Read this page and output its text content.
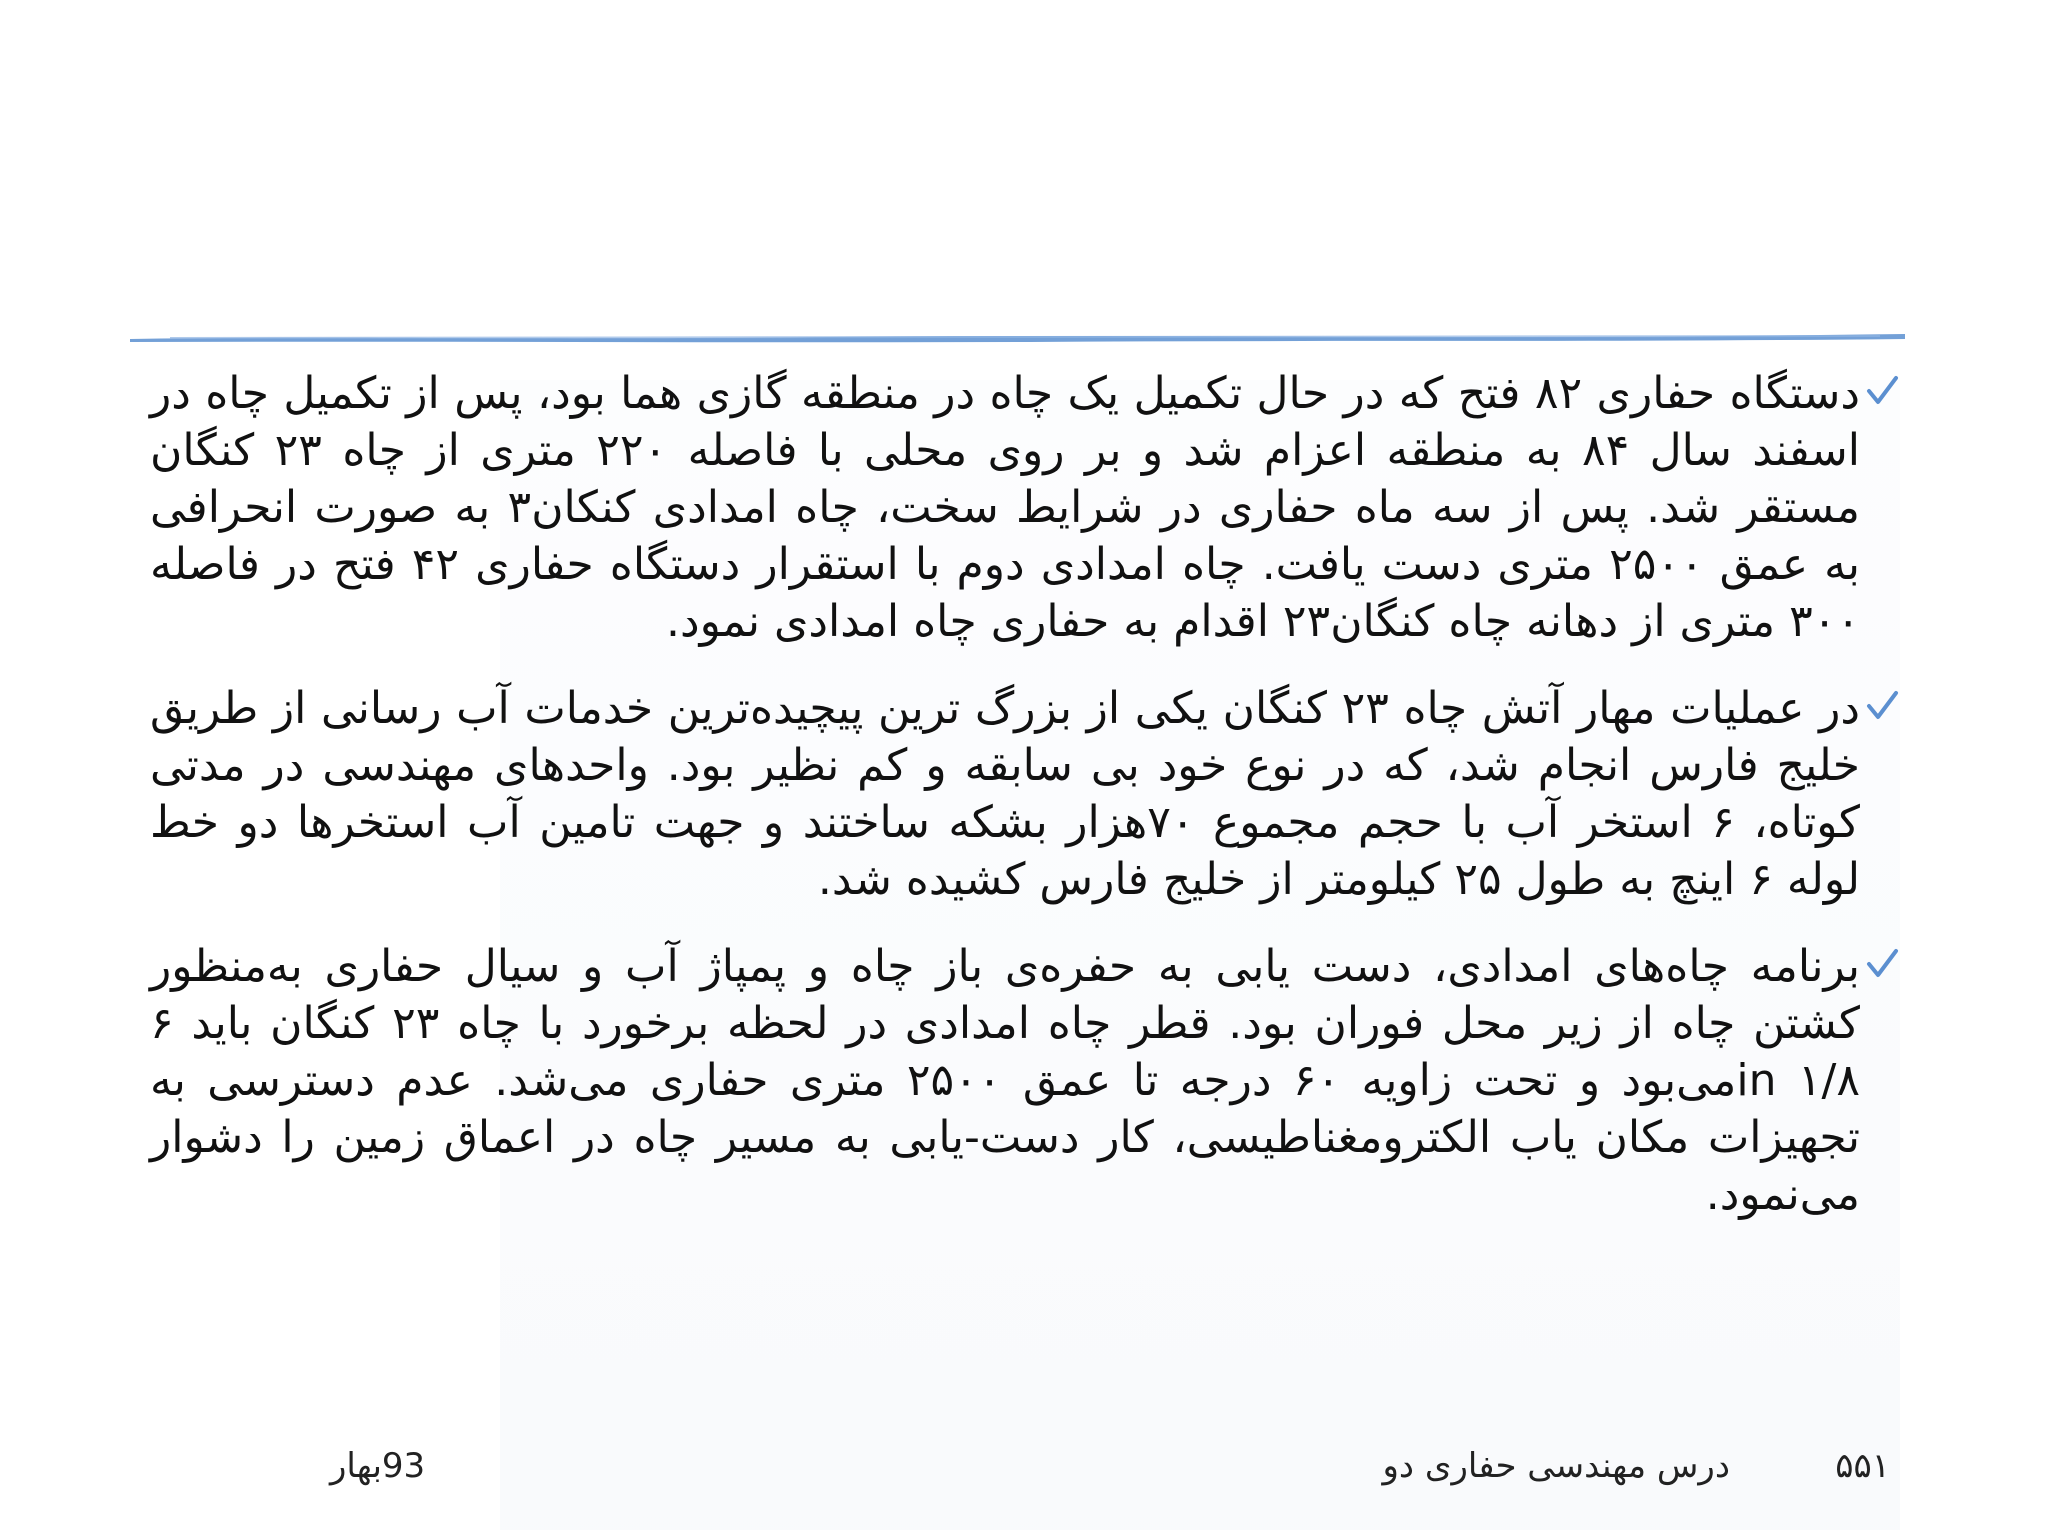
دستگاه حفاری ۸۲ فتح که در حال تکمیل یک چاه در منطقه گازی هما بود، پس از تکمیل چاه در اسفند سال ۸۴ به منطقه اعزام شد و بر روی محلی با فاصله ۲۲۰ متری از چاه ۲۳ کنگان مستقر شد. پس از سه ماه حفاری در شرایط سخت، چاه امدادی کنکان۳ به صورت انحرافی به عمق ۲۵۰۰ متری دست یافت. چاه امدادی دوم با استقرار دستگاه حفاری ۴۲ فتح در فاصله ۳۰۰ متری از دهانه چاه کنگان۲۳ اقدام به حفاری چاه امدادی نمود.

در عملیات مهار آتش چاه ۲۳ کنگان یکی از بزرگ ترین پیچیده‌ترین خدمات آب رسانی از طریق خلیج فارس انجام شد، که در نوع خود بی سابقه و کم نظیر بود. واحدهای مهندسی در مدتی کوتاه، ۶ استخر آب با حجم مجموع ۷۰هزار بشکه ساختند و جهت تامین آب استخرها دو خط لوله ۶ اینچ به طول ۲۵ کیلومتر از خلیج فارس کشیده شد.

برنامه چاه‌های امدادی، دست یابی به حفره‌ی باز چاه و پمپاژ آب و سیال حفاری به‌منظور کشتن چاه از زیر محل فوران بود. قطر چاه امدادی در لحظه برخورد با چاه ۲۳ کنگان باید ۶ ۱/۸ inمی‌بود و تحت زاویه ۶۰ درجه تا عمق ۲۵۰۰ متری حفاری می‌شد. عدم دسترسی به تجهیزات مکان یاب الکترومغناطیسی، کار دست-یابی به مسیر چاه در اعماق زمین را دشوار می‌نمود.

93بهار	درس مهندسی حفاری دو	۵۵۱
